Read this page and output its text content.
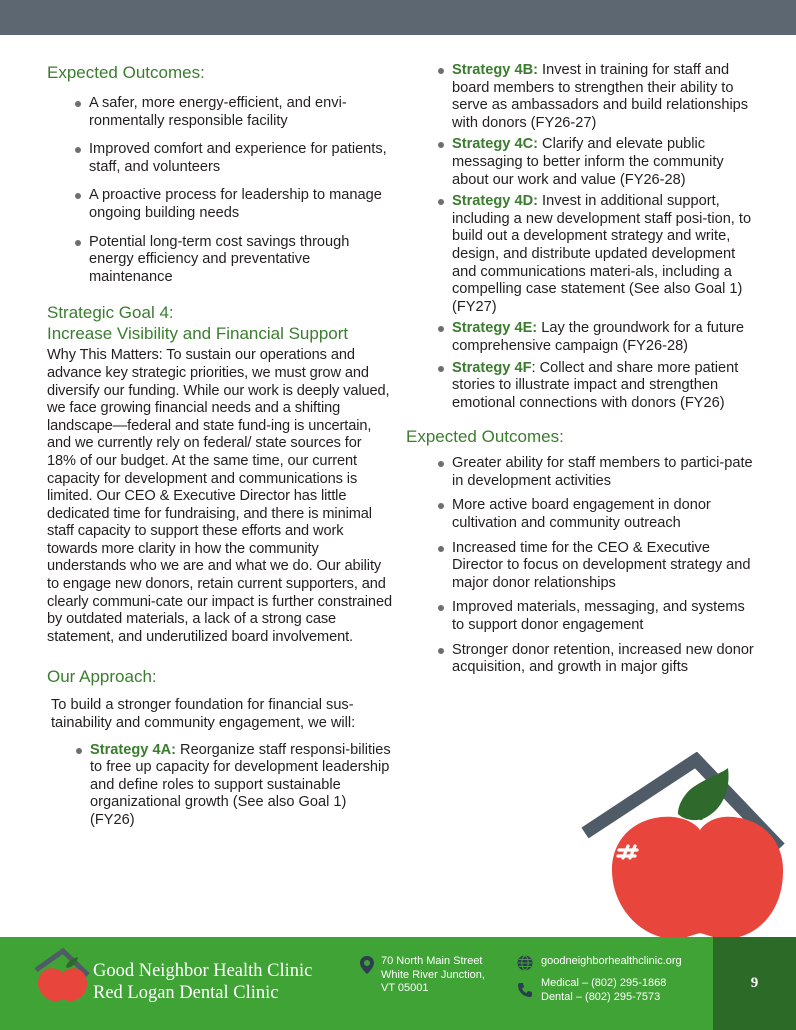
Expected Outcomes:
A safer, more energy-efficient, and envi-ronmentally responsible facility
Improved comfort and experience for patients, staff, and volunteers
A proactive process for leadership to manage ongoing building needs
Potential long-term cost savings through energy efficiency and preventative maintenance
Strategic Goal 4:
Increase Visibility and Financial Support

Why This Matters: To sustain our operations and advance key strategic priorities, we must grow and diversify our funding. While our work is deeply valued, we face growing financial needs and a shifting landscape—federal and state fund-ing is uncertain, and we currently rely on federal/ state sources for 18% of our budget. At the same time, our current capacity for development and communications is limited. Our CEO & Executive Director has little dedicated time for fundraising, and there is minimal staff capacity to support these efforts and work towards more clarity in how the community understands who we are and what we do. Our ability to engage new donors, retain current supporters, and clearly communi-cate our impact is further constrained by outdated materials, a lack of a strong case statement, and underutilized board involvement.

Our Approach:

To build a stronger foundation for financial sus-tainability and community engagement, we will:

Strategy 4A: Reorganize staff responsi-bilities to free up capacity for development leadership and define roles to support sustainable organizational growth (See also Goal 1) (FY26)
Strategy 4B: Invest in training for staff and board members to strengthen their ability to serve as ambassadors and build relationships with donors (FY26-27)
Strategy 4C: Clarify and elevate public messaging to better inform the community about our work and value (FY26-28)
Strategy 4D: Invest in additional support, including a new development staff posi-tion, to build out a development strategy and write, design, and distribute updated development and communications materi-als, including a compelling case statement (See also Goal 1) (FY27)
Strategy 4E: Lay the groundwork for a future comprehensive campaign (FY26-28)
Strategy 4F: Collect and share more patient stories to illustrate impact and strengthen emotional connections with donors (FY26)
Expected Outcomes:
Greater ability for staff members to partici-pate in development activities
More active board engagement in donor cultivation and community outreach
Increased time for the CEO & Executive Director to focus on development strategy and major donor relationships
Improved materials, messaging, and systems to support donor engagement
Stronger donor retention, increased new donor acquisition, and growth in major gifts
Good Neighbor Health Clinic
Red Logan Dental Clinic
70 North Main Street
White River Junction,
VT 05001
goodneighborhealthclinic.org
Medical – (802) 295-1868
Dental – (802) 295-7573
9
